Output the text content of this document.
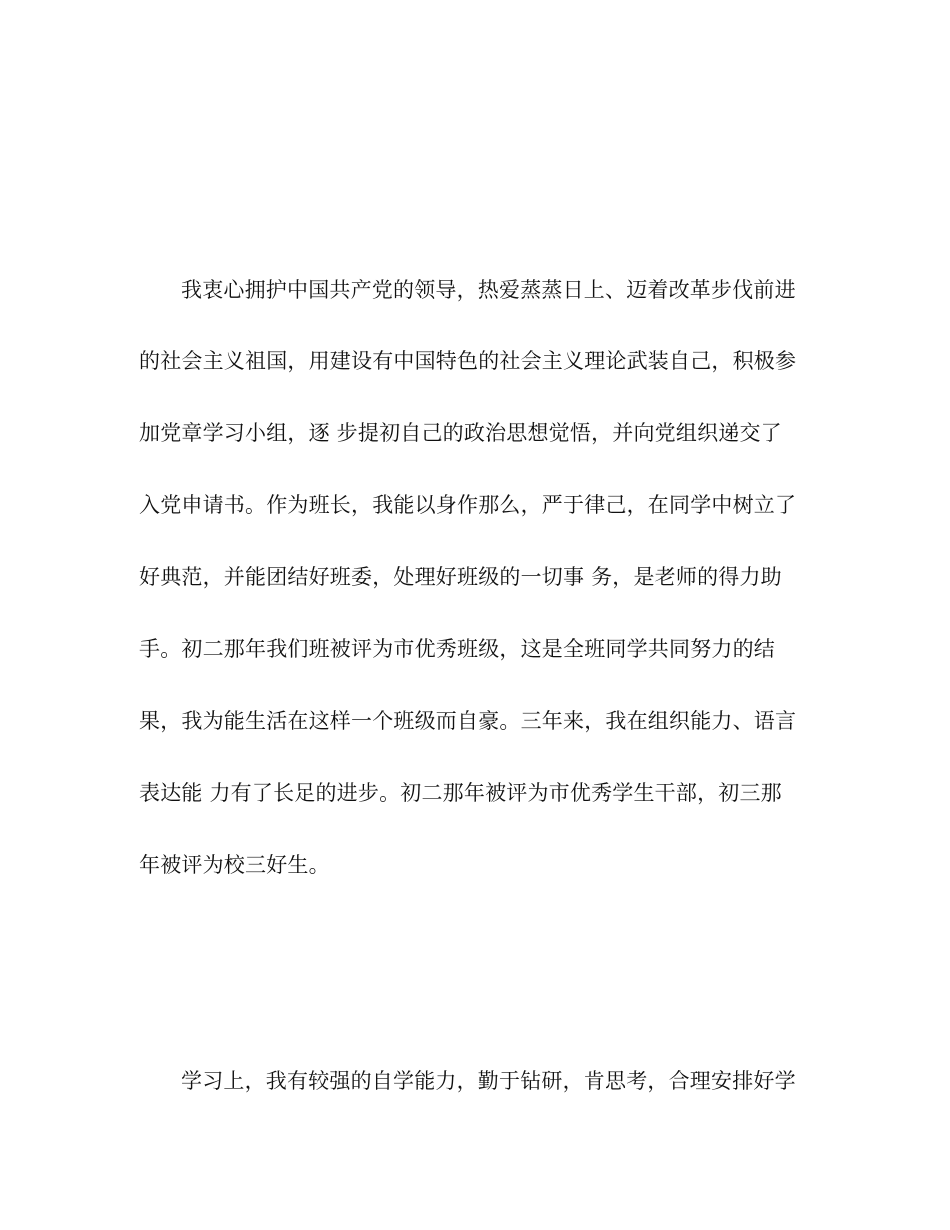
我衷心拥护中国共产党的领导，热爱蒸蒸日上、迈着改革步伐前进
的社会主义祖国，用建设有中国特色的社会主义理论武装自己，积极参
加党章学习小组，逐 步提初自己的政治思想觉悟，并向党组织递交了
入党申请书。作为班长，我能以身作那么，严于律己，在同学中树立了
好典范，并能团结好班委，处理好班级的一切事 务，是老师的得力助
手。初二那年我们班被评为市优秀班级，这是全班同学共同努力的结
果，我为能生活在这样一个班级而自豪。三年来，我在组织能力、语言
表达能 力有了长足的进步。初二那年被评为市优秀学生干部，初三那
年被评为校三好生。
学习上，我有较强的自学能力，勤于钻研，肯思考，合理安排好学
